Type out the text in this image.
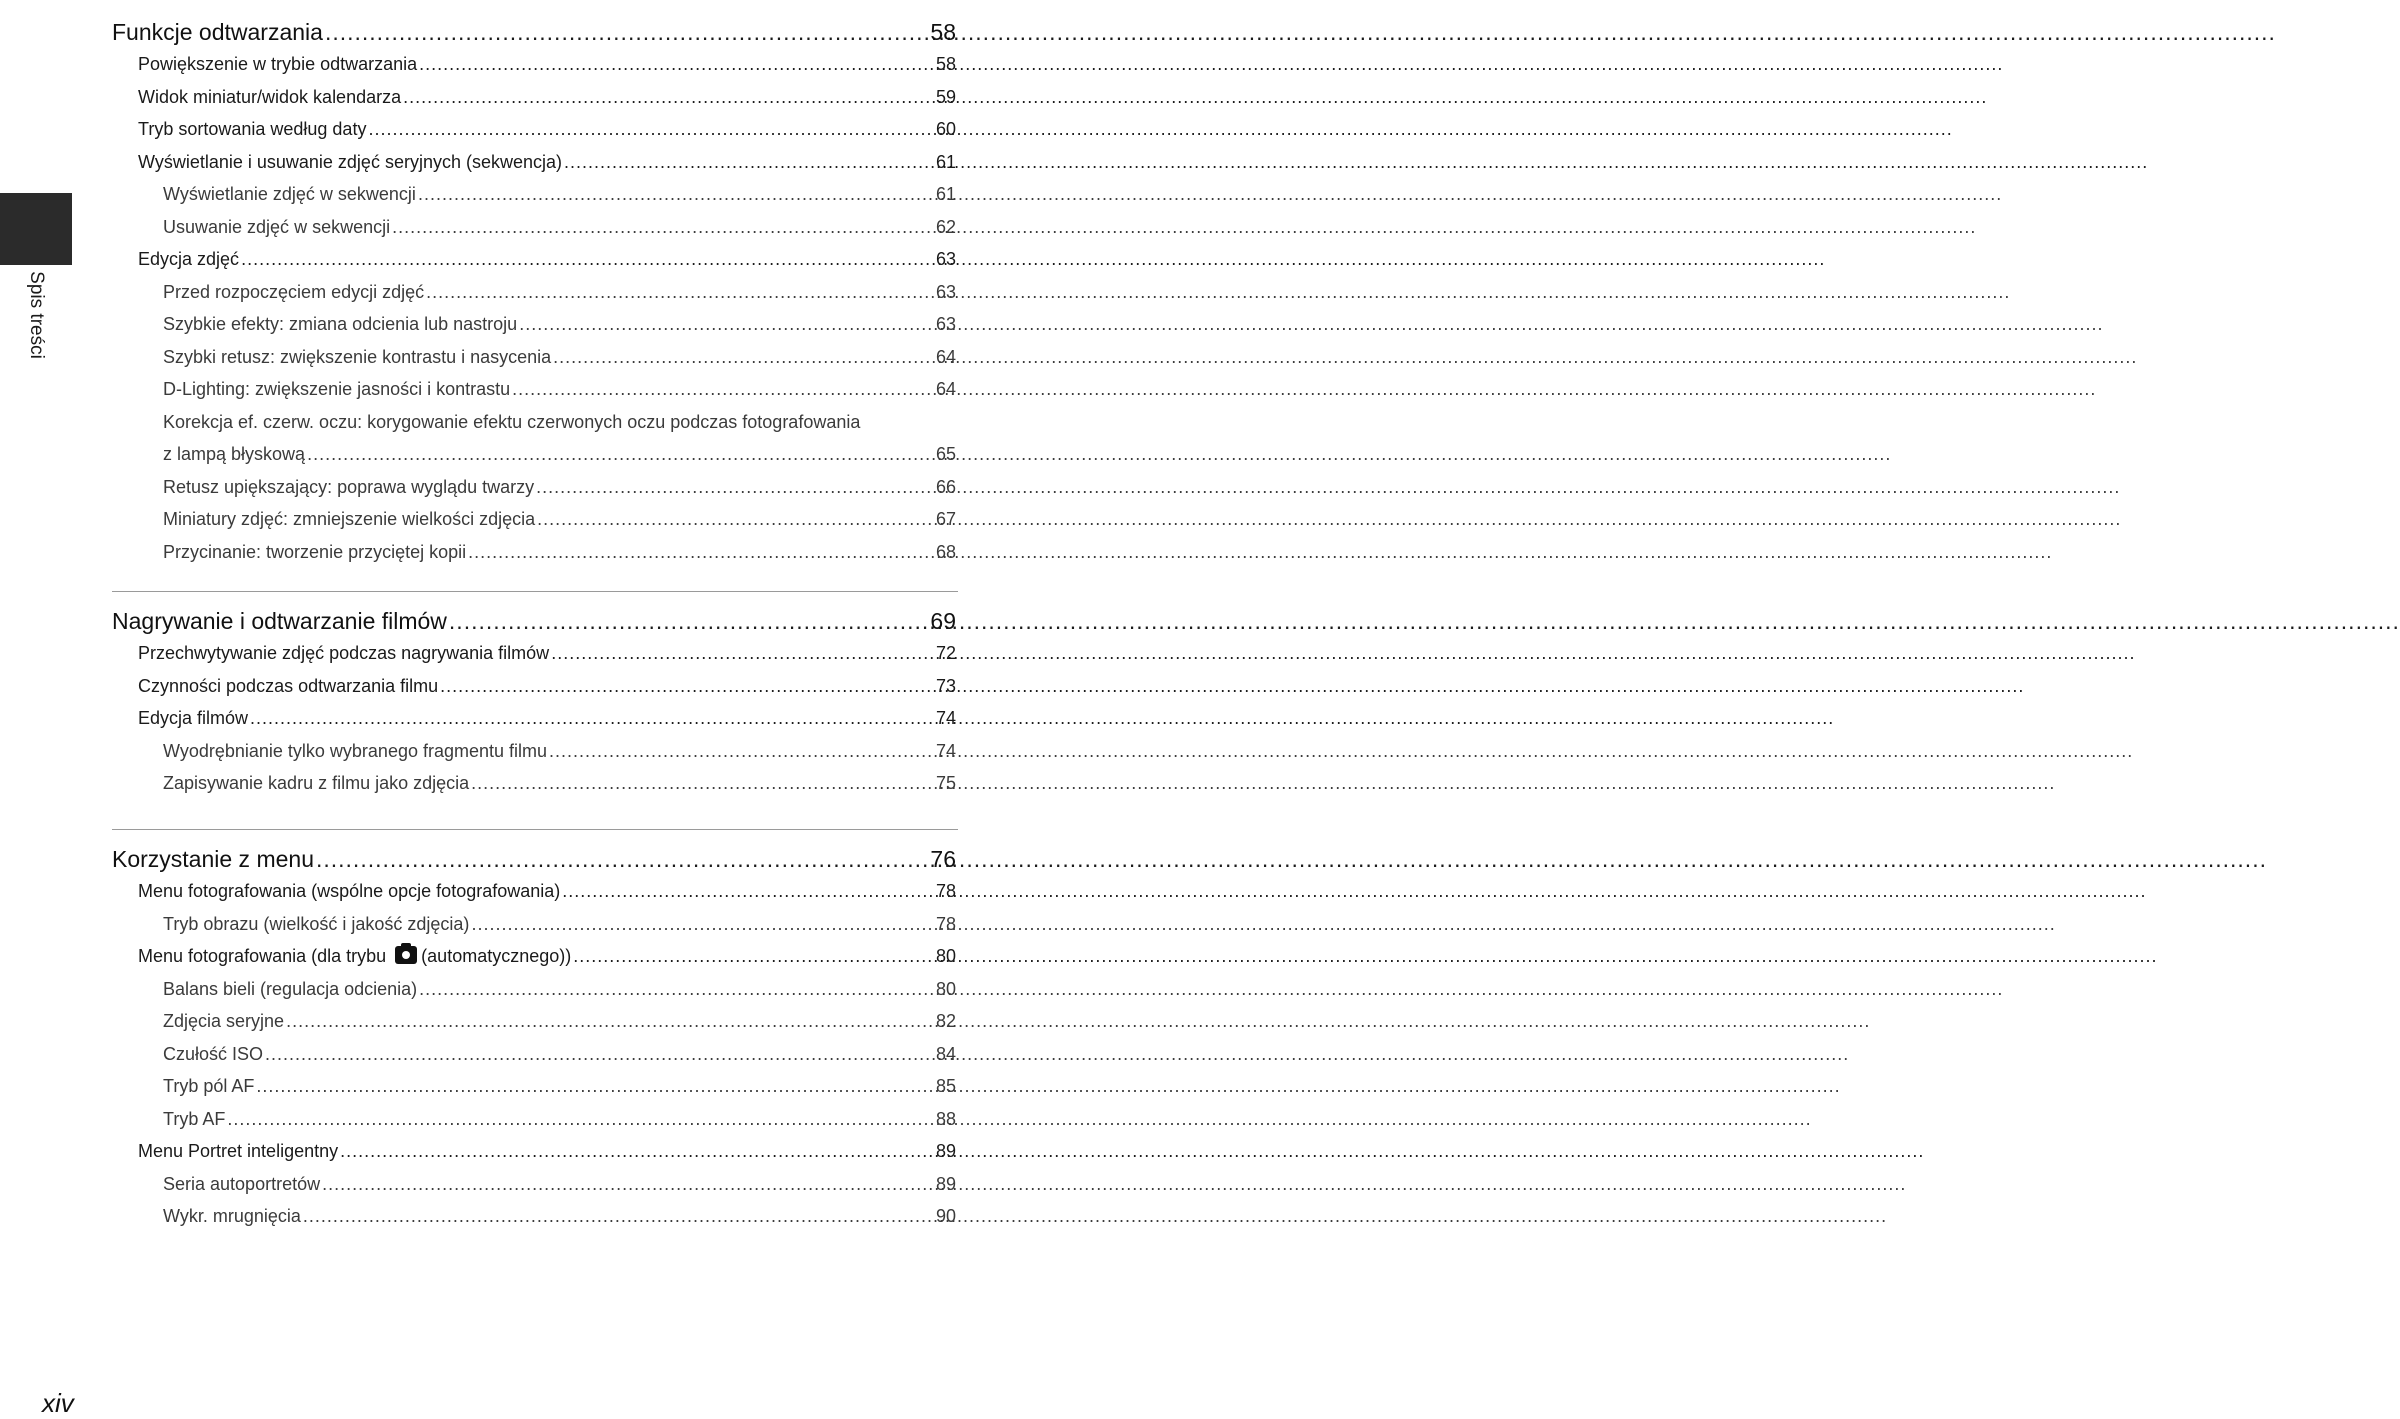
Spis treści
Funkcje odtwarzania .....	58
Powiększenie w trybie odtwarzania .....	58
Widok miniatur/widok kalendarza .....	59
Tryb sortowania według daty .....	60
Wyświetlanie i usuwanie zdjęć seryjnych (sekwencja) .....	61
Wyświetlanie zdjęć w sekwencji .....	61
Usuwanie zdjęć w sekwencji .....	62
Edycja zdjęć .....	63
Przed rozpoczęciem edycji zdjęć .....	63
Szybkie efekty: zmiana odcienia lub nastroju .....	63
Szybki retusz: zwiększenie kontrastu i nasycenia .....	64
D-Lighting: zwiększenie jasności i kontrastu .....	64
Korekcja ef. czerw. oczu: korygowanie efektu czerwonych oczu podczas fotografowania
z lampą błyskową .....	65
Retusz upiększający: poprawa wyglądu twarzy .....	66
Miniatury zdjęć: zmniejszenie wielkości zdjęcia .....	67
Przycinanie: tworzenie przyciętej kopii .....	68
Nagrywanie i odtwarzanie filmów .....	69
Przechwytywanie zdjęć podczas nagrywania filmów .....	72
Czynności podczas odtwarzania filmu .....	73
Edycja filmów .....	74
Wyodrębnianie tylko wybranego fragmentu filmu .....	74
Zapisywanie kadru z filmu jako zdjęcia .....	75
Korzystanie z menu .....	76
Menu fotografowania (wspólne opcje fotografowania) .....	78
Tryb obrazu (wielkość i jakość zdjęcia) .....	78
Menu fotografowania (dla trybu (automatycznego)) .....	80
Balans bieli (regulacja odcienia) .....	80
Zdjęcia seryjne .....	82
Czułość ISO .....	84
Tryb pól AF .....	85
Tryb AF .....	88
Menu Portret inteligentny .....	89
Seria autoportretów .....	89
Wykr. mrugnięcia .....	90
xiv
